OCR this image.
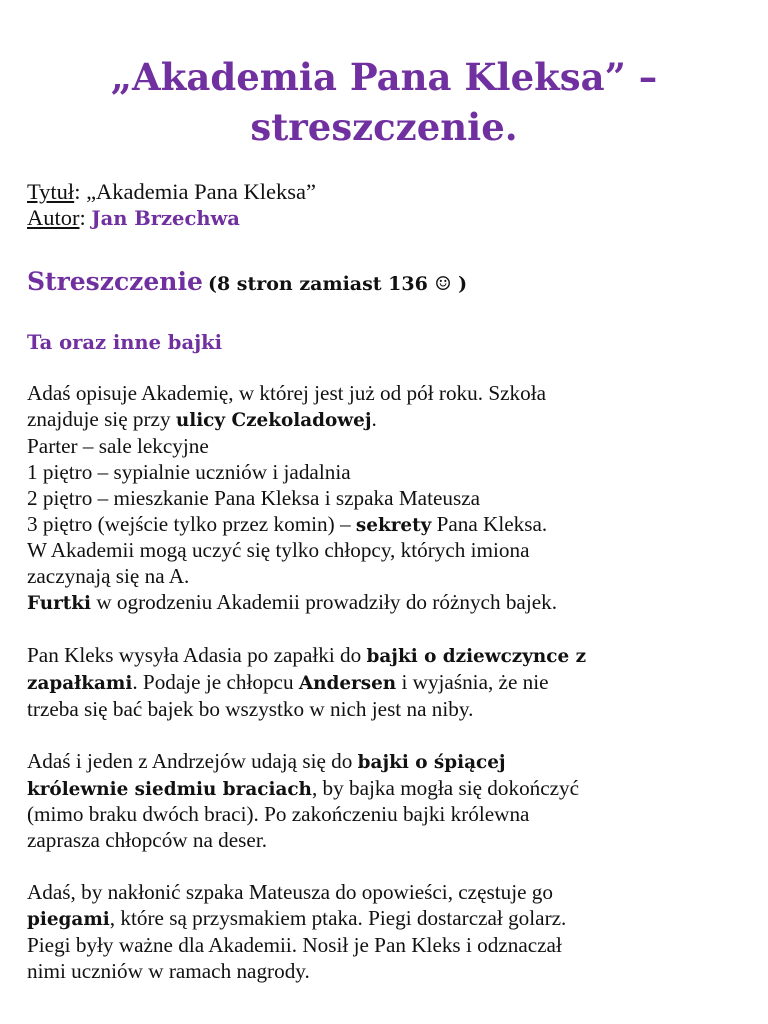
„Akademia Pana Kleksa” –
streszczenie.
Tytuł: „Akademia Pana Kleksa”
Autor: Jan Brzechwa
Streszczenie (8 stron zamiast 136 ☺ )
Ta oraz inne bajki

Adaś opisuje Akademię, w której jest już od pół roku. Szkoła
znajduje się przy ulicy Czekoladowej.
Parter – sale lekcyjne
1 piętro – sypialnie uczniów i jadalnia
2 piętro – mieszkanie Pana Kleksa i szpaka Mateusza
3 piętro (wejście tylko przez komin) – sekrety Pana Kleksa.
W Akademii mogą uczyć się tylko chłopcy, których imiona
zaczynają się na A.
Furtki w ogrodzeniu Akademii prowadziły do różnych bajek.

Pan Kleks wysyła Adasia po zapałki do bajki o dziewczynce z
zapałkami. Podaje je chłopcu Andersen i wyjaśnia, że nie
trzeba się bać bajek bo wszystko w nich jest na niby.

Adaś i jeden z Andrzejów udają się do bajki o śpiącej
królewnie siedmiu braciach, by bajka mogła się dokończyć
(mimo braku dwóch braci). Po zakończeniu bajki królewna
zaprasza chłopców na deser.

Adaś, by nakłonić szpaka Mateusza do opowieści, częstuje go
piegami, które są przysmakiem ptaka. Piegi dostarczał golarz.
Piegi były ważne dla Akademii. Nosił je Pan Kleks i odznaczał
nimi uczniów w ramach nagrody.
